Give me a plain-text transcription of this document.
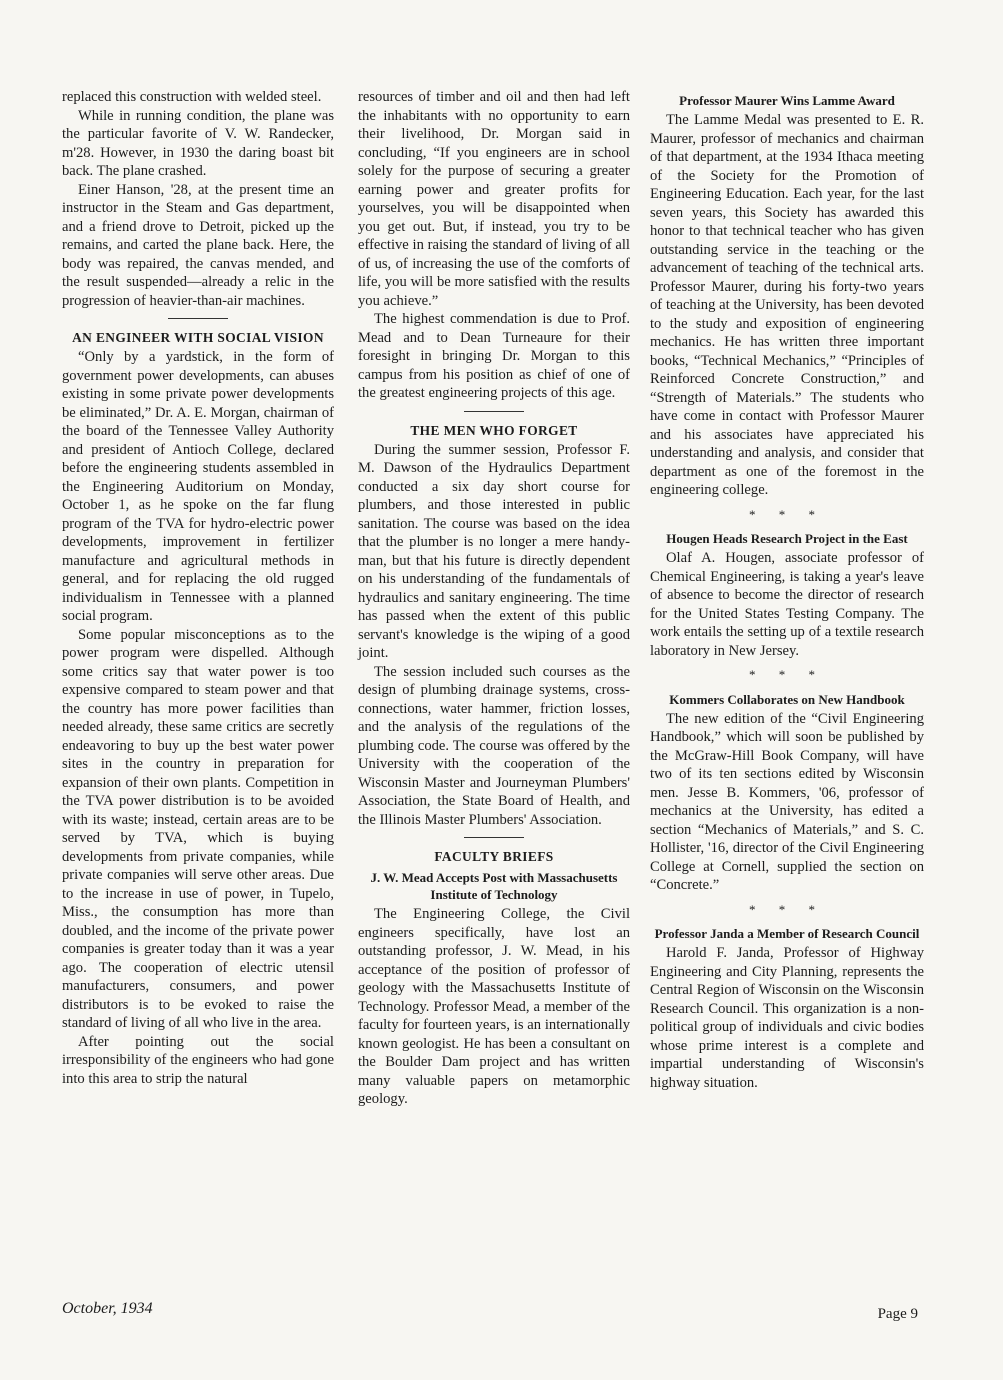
replaced this construction with welded steel.

While in running condition, the plane was the particular favorite of V. W. Randecker, m'28. However, in 1930 the daring boast bit back. The plane crashed.

Einer Hanson, '28, at the present time an instructor in the Steam and Gas department, and a friend drove to Detroit, picked up the remains, and carted the plane back. Here, the body was repaired, the canvas mended, and the result suspended—already a relic in the progression of heavier-than-air machines.

AN ENGINEER WITH SOCIAL VISION

“Only by a yardstick, in the form of government power developments, can abuses existing in some private power developments be eliminated,” Dr. A. E. Morgan, chairman of the board of the Tennessee Valley Authority and president of Antioch College, declared before the engineering students assembled in the Engineering Auditorium on Monday, October 1, as he spoke on the far flung program of the TVA for hydro-electric power developments, improvement in fertilizer manufacture and agricultural methods in general, and for replacing the old rugged individualism in Tennessee with a planned social program.

Some popular misconceptions as to the power program were dispelled. Although some critics say that water power is too expensive compared to steam power and that the country has more power facilities than needed already, these same critics are secretly endeavoring to buy up the best water power sites in the country in preparation for expansion of their own plants. Competition in the TVA power distribution is to be avoided with its waste; instead, certain areas are to be served by TVA, which is buying developments from private companies, while private companies will serve other areas. Due to the increase in use of power, in Tupelo, Miss., the consumption has more than doubled, and the income of the private power companies is greater today than it was a year ago. The cooperation of electric utensil manufacturers, consumers, and power distributors is to be evoked to raise the standard of living of all who live in the area.

After pointing out the social irresponsibility of the engineers who had gone into this area to strip the natural

resources of timber and oil and then had left the inhabitants with no opportunity to earn their livelihood, Dr. Morgan said in concluding, “If you engineers are in school solely for the purpose of securing a greater earning power and greater profits for yourselves, you will be disappointed when you get out. But, if instead, you try to be effective in raising the standard of living of all of us, of increasing the use of the comforts of life, you will be more satisfied with the results you achieve.”

The highest commendation is due to Prof. Mead and to Dean Turneaure for their foresight in bringing Dr. Morgan to this campus from his position as chief of one of the greatest engineering projects of this age.

THE MEN WHO FORGET

During the summer session, Professor F. M. Dawson of the Hydraulics Department conducted a six day short course for plumbers, and those interested in public sanitation. The course was based on the idea that the plumber is no longer a mere handy-man, but that his future is directly dependent on his understanding of the fundamentals of hydraulics and sanitary engineering. The time has passed when the extent of this public servant's knowledge is the wiping of a good joint.

The session included such courses as the design of plumbing drainage systems, cross-connections, water hammer, friction losses, and the analysis of the regulations of the plumbing code. The course was offered by the University with the cooperation of the Wisconsin Master and Journeyman Plumbers' Association, the State Board of Health, and the Illinois Master Plumbers' Association.

FACULTY BRIEFS
J. W. Mead Accepts Post with Massachusetts Institute of Technology

The Engineering College, the Civil engineers specifically, have lost an outstanding professor, J. W. Mead, in his acceptance of the position of professor of geology with the Massachusetts Institute of Technology. Professor Mead, a member of the faculty for fourteen years, is an internationally known geologist. He has been a consultant on the Boulder Dam project and has written many valuable papers on metamorphic geology.

Professor Maurer Wins Lamme Award

The Lamme Medal was presented to E. R. Maurer, professor of mechanics and chairman of that department, at the 1934 Ithaca meeting of the Society for the Promotion of Engineering Education. Each year, for the last seven years, this Society has awarded this honor to that technical teacher who has given outstanding service in the teaching or the advancement of teaching of the technical arts. Professor Maurer, during his forty-two years of teaching at the University, has been devoted to the study and exposition of engineering mechanics. He has written three important books, “Technical Mechanics,” “Principles of Reinforced Concrete Construction,” and “Strength of Materials.” The students who have come in contact with Professor Maurer and his associates have appreciated his understanding and analysis, and consider that department as one of the foremost in the engineering college.

* * *
Hougen Heads Research Project in the East

Olaf A. Hougen, associate professor of Chemical Engineering, is taking a year's leave of absence to become the director of research for the United States Testing Company. The work entails the setting up of a textile research laboratory in New Jersey.

* * *
Kommers Collaborates on New Handbook

The new edition of the “Civil Engineering Handbook,” which will soon be published by the McGraw-Hill Book Company, will have two of its ten sections edited by Wisconsin men. Jesse B. Kommers, '06, professor of mechanics at the University, has edited a section “Mechanics of Materials,” and S. C. Hollister, '16, director of the Civil Engineering College at Cornell, supplied the section on “Concrete.”

* * *
Professor Janda a Member of Research Council

Harold F. Janda, Professor of Highway Engineering and City Planning, represents the Central Region of Wisconsin on the Wisconsin Research Council. This organization is a non-political group of individuals and civic bodies whose prime interest is a complete and impartial understanding of Wisconsin's highway situation.

October, 1934	Page 9
